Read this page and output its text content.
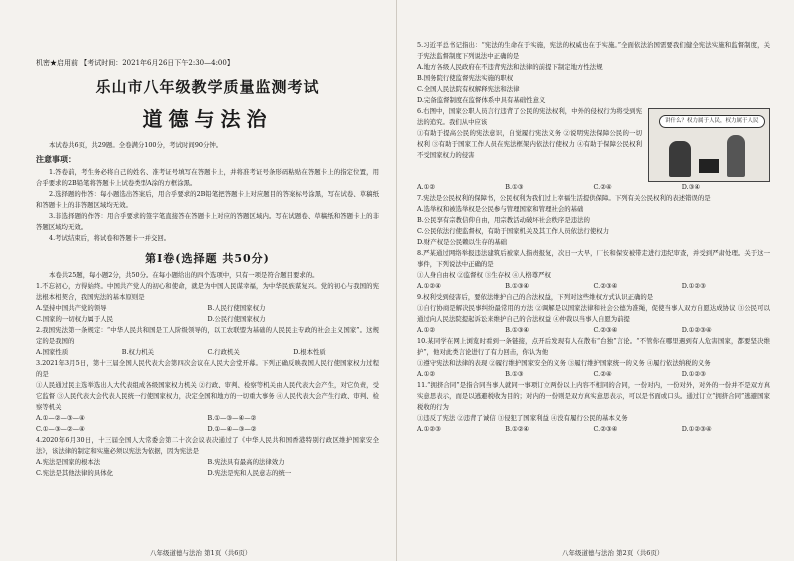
机密★启用前 【考试时间：2021年6月26日下午2:30—4:00】
乐山市八年级教学质量监测考试
道德与法治

本试卷共6页，共29题。全卷满分100分，考试时间90分钟。

注意事项：

1.答卷前，考生务必将自己的姓名、准考证号填写在答题卡上，并将准考证号条形码粘贴在答题卡上的指定位置，用合乎要求的2B铅笔将答题卡上试卷类型A涂的方框涂黑。

2.选择题的作答：每小题选出答案后，用合乎要求的2B铅笔把答题卡上对应题目的答案标号涂黑，写在试卷、草稿纸和答题卡上的非答题区域均无效。

3.非选择题的作答：用合乎要求的签字笔直接答在答题卡上对应的答题区域内。写在试题卷、草稿纸和答题卡上的非答题区域均无效。

4.考试结束后，将试卷和答题卡一并交回。

第Ⅰ卷(选择题 共50分)

本卷共25题，每小题2分，共50分。在每小题给出的四个选项中，只有一项是符合题目要求的。

1.不忘初心，方得始终。中国共产党人的初心和使命，就是为中国人民谋幸福，为中华民族谋复兴。党的初心与我国的宪法根本相契合，我国宪法的基本原则是

A.坚持中国共产党的领导	B.人民行使国家权力
C.国家的一切权力属于人民	D.公民行使国家权力

2.我国宪法第一条规定：“中华人民共和国是工人阶级领导的，以工农联盟为基础的人民民主专政的社会主义国家”。这规定的是我国的

A.国家性质	B.权力机关	C.行政机关	D.根本性质

3.2021年3月5日，第十三届全国人民代表大会第四次会议在人民大会堂开幕。下列正确反映我国人民行使国家权力过程的是

①人民通过民主选举选出人大代表组成各级国家权力机关 ②行政、审判、检察等机关由人民代表大会产生，对它负责，受它监督 ③人民代表大会代表人民统一行使国家权力，决定全国和地方的一切重大事务 ④人民代表大会产生行政、审判、检察等机关

A.①—②—③—④	B.①—③—④—②
C.①—③—②—④	D.①—④—③—②

4.2020年6月30日，十三届全国人大常委会第二十次会议表决通过了《中华人民共和国香港特别行政区维护国家安全法》，该法律的制定和实施必须以宪法为依据，因为宪法是

A.宪法是国家的根本法	B.宪法具有最高的法律效力
C.宪法是其他法律的具体化	D.宪法是宪和人民意志的统一
八年级道德与法治 第1页（共6页）

5.习近平总书记指出：“宪法的生命在于实施，宪法的权威也在于实施。”全面依法治国需要我们健全宪法实施和监督制度，关于宪法监督制度下列说法中正确的是

A.地方各级人民政府在不违背宪法和法律的前提下制定地方性法规

B.国务院行使监督宪法实施的职权

C.全国人民法院有权解释宪法和法律

D.完备监督制度在监督体系中具有基础性意义

6.右图中，国家公职人员言行违背了公民的宪法权利，中外的侵权行为将受到宪法的追究。我们从中应该

①有助于提高公民的宪法意识，自觉履行宪法义务 ②说明宪法保障公民的一切权利 ③有助于国家工作人员在宪法框架内依法行使权力 ④有助于保障公民权利不受国家权力的侵害

讲什么？权力属于人民，权力属于人民
A.①②	B.①③	C.②④	D.③④

7.宪法是公民权利的保障书，公民权利为我们过上幸福生活提供保障。下列有关公民权利的表述错误的是

A.选举权和被选举权是公民参与管理国家和管理社会的基础

B.公民享有宗教信仰自由，用宗教活动破坏社会秩序是违法的

C.公民依法行使监督权，有助于国家机关及其工作人员依法行使权力

D.财产权是公民赖以生存的基础

8.严某通过网络举报违法建筑后被家人指责报复，次日一大早，厂长和保安被带走进行违纪审查，并受到严肃处理。关于这一事件，下列说法中正确的是

①人身自由权 ②监督权 ③生存权 ④人格尊严权

A.①②④	B.①③④	C.②③④	D.①②③

9.权利受到侵害后，要依法维护自己的合法权益，下列对这些维权方式认识正确的是

①自行协商是解决民事纠纷最常用的方法 ②调解是以国家法律和社会公德为准绳，促使当事人双方自愿达成协议 ③公民可以通过向人民法院提起诉讼来维护自己的合法权益 ④仲裁以当事人自愿为前提

A.①②	B.①③④	C.②③④	D.①②③④

10.某同学在网上浏览时看到一条链接，点开后发现有人在散布“台独”言论。“不管你在哪里遇到有人危害国家，都要坚决维护”，他对此类言论进行了有力回击，你认为他

①遵守宪法和法律的表现 ②履行维护国家安全的义务 ③履行维护国家统一的义务 ④履行依法纳税的义务

A.①②	B.①③	C.②④	D.①②③

11.“拥挤合同”是指合同当事人就同一事项订立两份以上内容不相同的合同，一份对内，一份对外，对外的一份并不是双方真实意思表示，而是以逃避税收为目的；对内的一份则是双方真实意思表示，可以是书面或口头。通过订立“拥挤合同”逃避国家税收的行为

①违反了宪法 ②违背了诚信 ③侵犯了国家利益 ④没有履行公民的基本义务

A.①②③	B.①②④	C.②③④	D.①②③④
八年级道德与法治 第2页（共6页）
